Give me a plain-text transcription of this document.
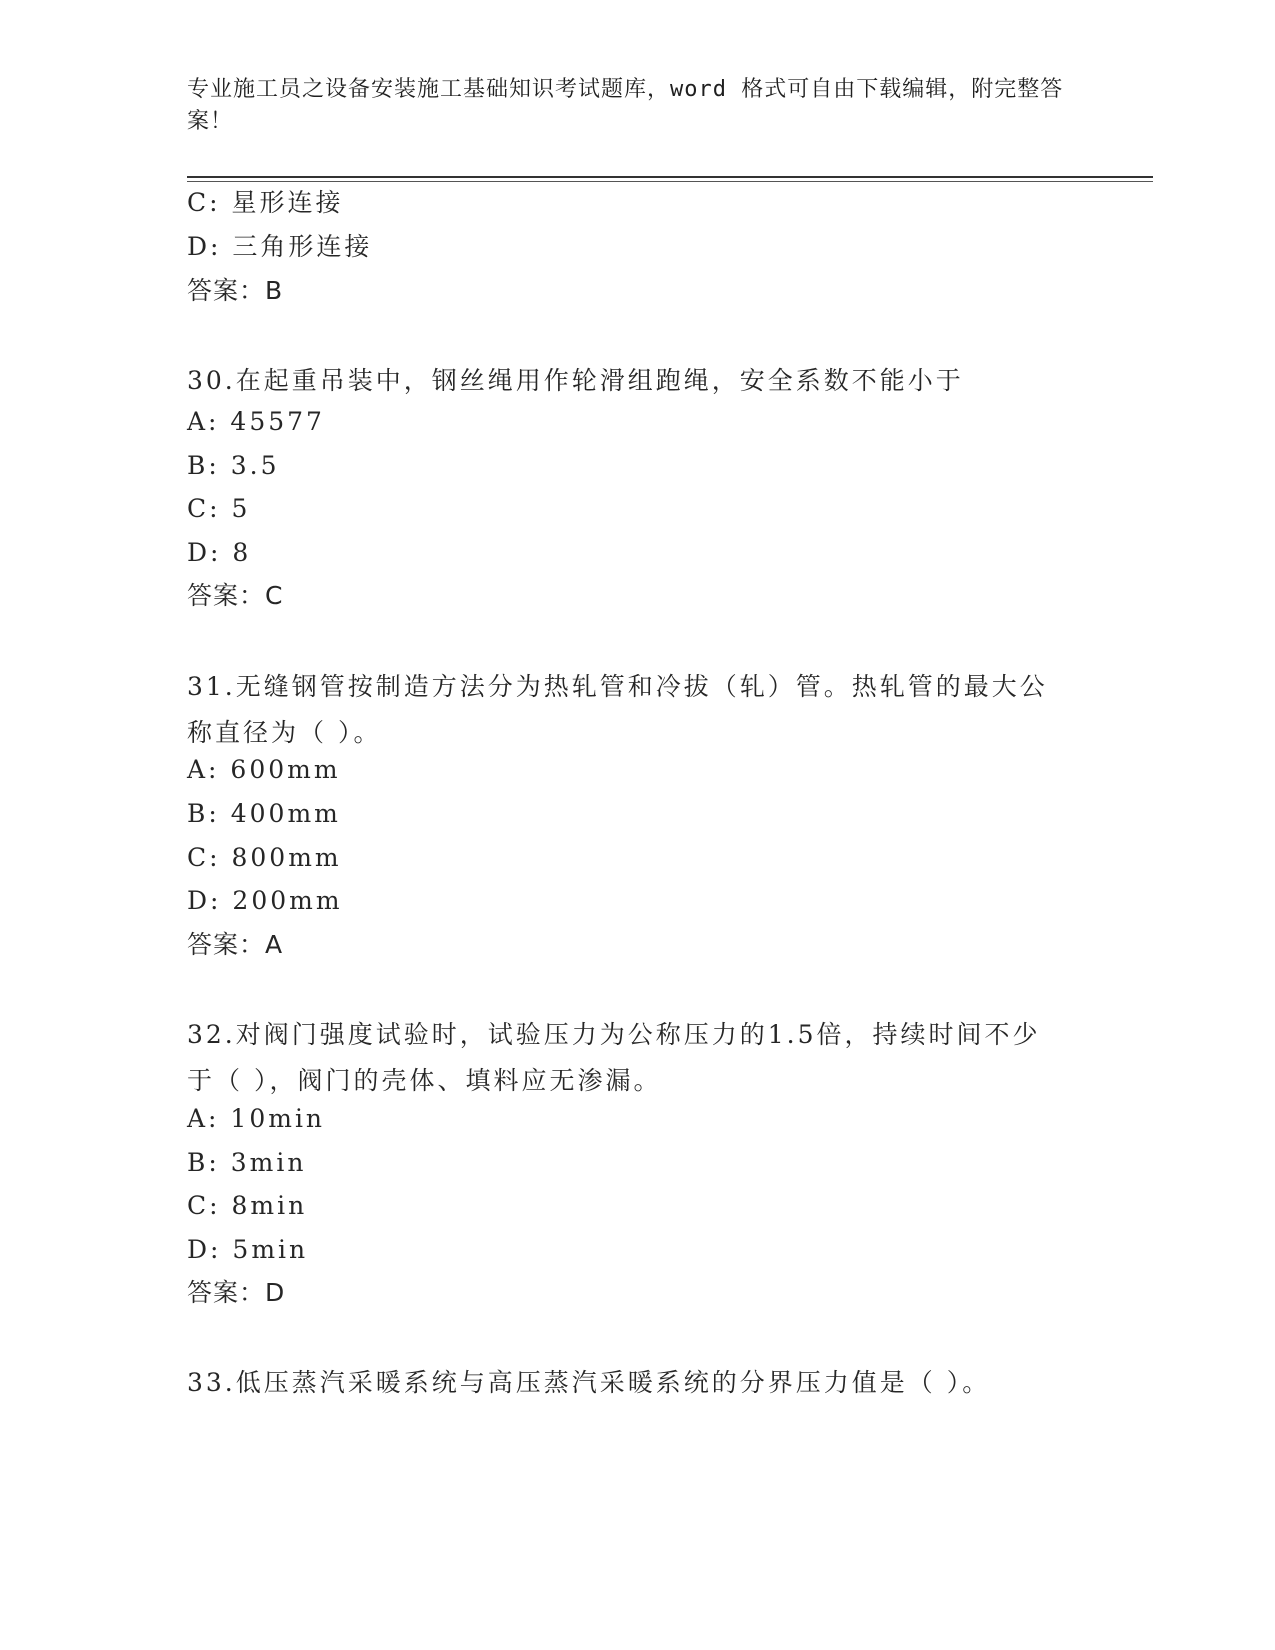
专业施工员之设备安装施工基础知识考试题库，word 格式可自由下载编辑，附完整答案！
C: 星形连接
D: 三角形连接
答案：B
30.在起重吊装中，钢丝绳用作轮滑组跑绳，安全系数不能小于
A: 45577
B: 3.5
C: 5
D: 8
答案：C
31.无缝钢管按制造方法分为热轧管和冷拔（轧）管。热轧管的最大公称直径为（ ）。
A: 600mm
B: 400mm
C: 800mm
D: 200mm
答案：A
32.对阀门强度试验时，试验压力为公称压力的1.5倍，持续时间不少于（ ），阀门的壳体、填料应无渗漏。
A: 10min
B: 3min
C: 8min
D: 5min
答案：D
33.低压蒸汽采暖系统与高压蒸汽采暖系统的分界压力值是（ ）。
